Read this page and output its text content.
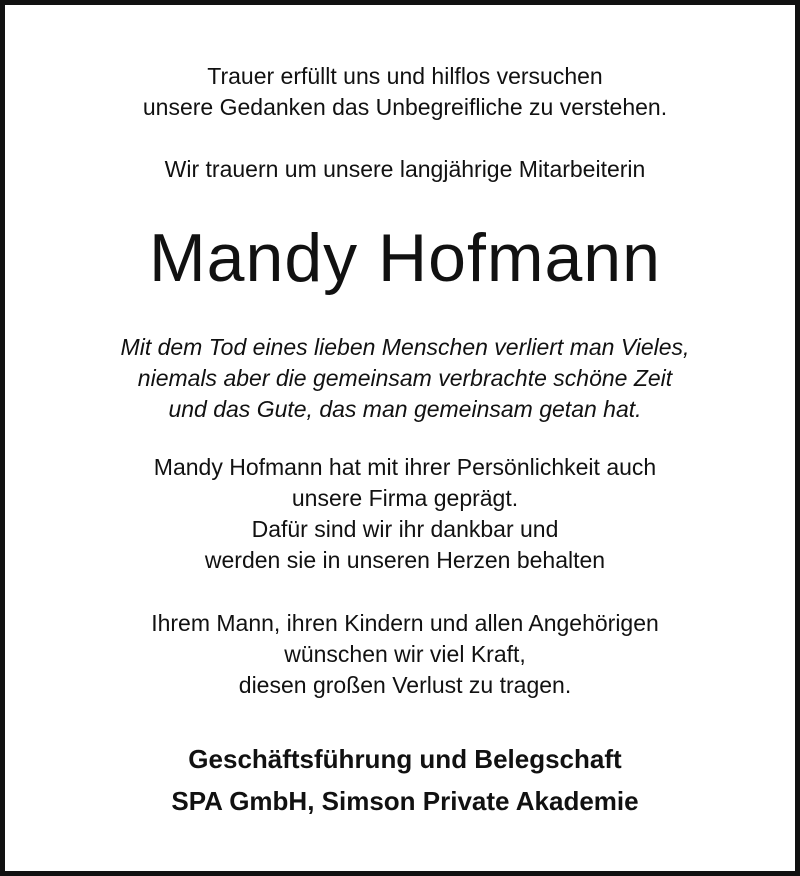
Trauer erfüllt uns und hilflos versuchen
unsere Gedanken das Unbegreifliche zu verstehen.
Wir trauern um unsere langjährige Mitarbeiterin
Mandy Hofmann
Mit dem Tod eines lieben Menschen verliert man Vieles,
niemals aber die gemeinsam verbrachte schöne Zeit
und das Gute, das man gemeinsam getan hat.
Mandy Hofmann hat mit ihrer Persönlichkeit auch
unsere Firma geprägt.
Dafür sind wir ihr dankbar und
werden sie in unseren Herzen behalten
Ihrem Mann, ihren Kindern und allen Angehörigen
wünschen wir viel Kraft,
diesen großen Verlust zu tragen.
Geschäftsführung und Belegschaft
SPA GmbH, Simson Private Akademie
